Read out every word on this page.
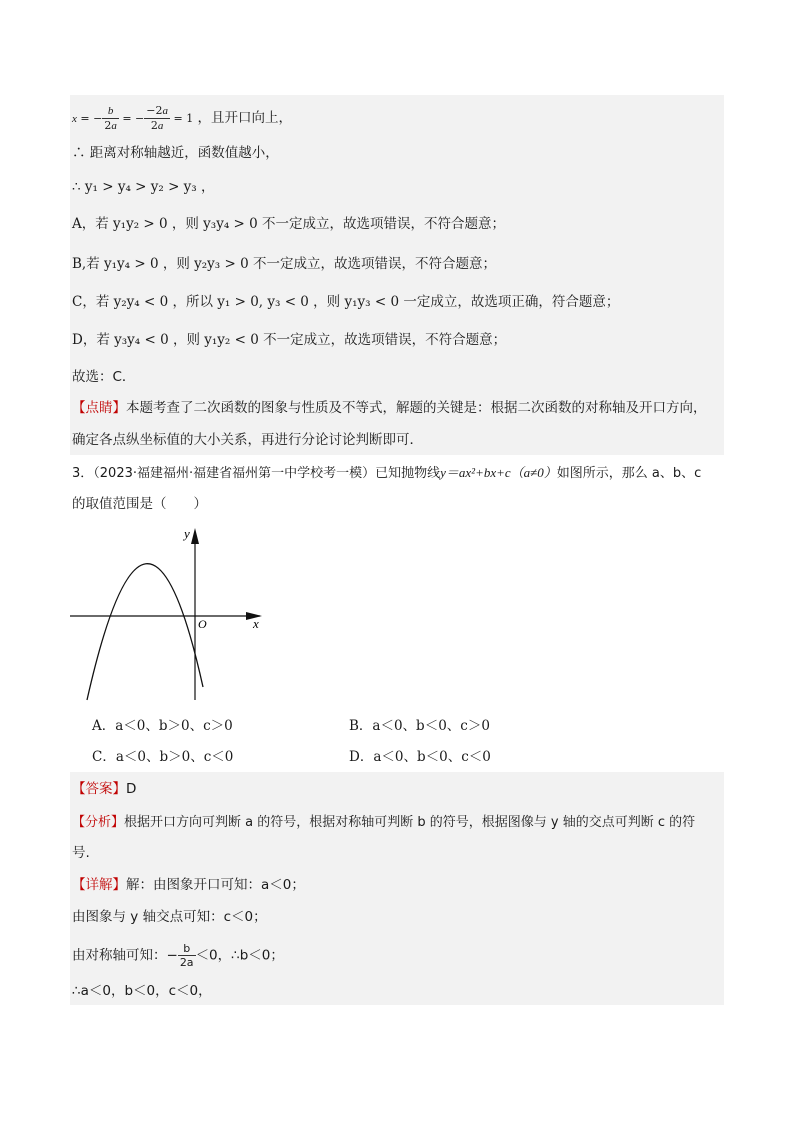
x = − $\frac{b}{2a}$ = − $\frac{-2a}{2a} = 1$ ，且开口向上，
∴ 距离对称轴越近，函数值越小，
∴ y₁ > y₄ > y₂ > y₃ ，
A，若 y₁y₂ > 0 ，则 y₃y₄ > 0 不一定成立，故选项错误，不符合题意；
B,若 y₁y₄ > 0 ，则 y₂y₃ > 0 不一定成立，故选项错误，不符合题意；
C，若 y₂y₄ < 0 ，所以 y₁ > 0, y₃ < 0 ，则 y₁y₃ < 0 一定成立，故选项正确，符合题意；
D，若 y₃y₄ < 0 ，则 y₁y₂ < 0 不一定成立，故选项错误，不符合题意；
故选：C．
【点睛】本题考查了二次函数的图象与性质及不等式，解题的关键是：根据二次函数的对称轴及开口方向，
确定各点纵坐标值的大小关系，再进行分论讨论判断即可．
3．（2023·福建福州·福建省福州第一中学校考一模）已知抛物线y＝ax²+bx+c（a≠0）如图所示，那么 a、b、c
的取值范围是（　　）
y
x
O
A．a＜0、b＞0、c＞0	B．a＜0、b＜0、c＞0
C．a＜0、b＞0、c＜0	D．a＜0、b＜0、c＜0
【答案】D
【分析】根据开口方向可判断 a 的符号，根据对称轴可判断 b 的符号，根据图像与 y 轴的交点可判断 c 的符
号.
【详解】解：由图象开口可知：a＜0；
由图象与 y 轴交点可知：c＜0；
由对称轴可知：− $\frac{b}{2a} <0$，∴b＜0；
∴a＜0，b＜0，c＜0，
